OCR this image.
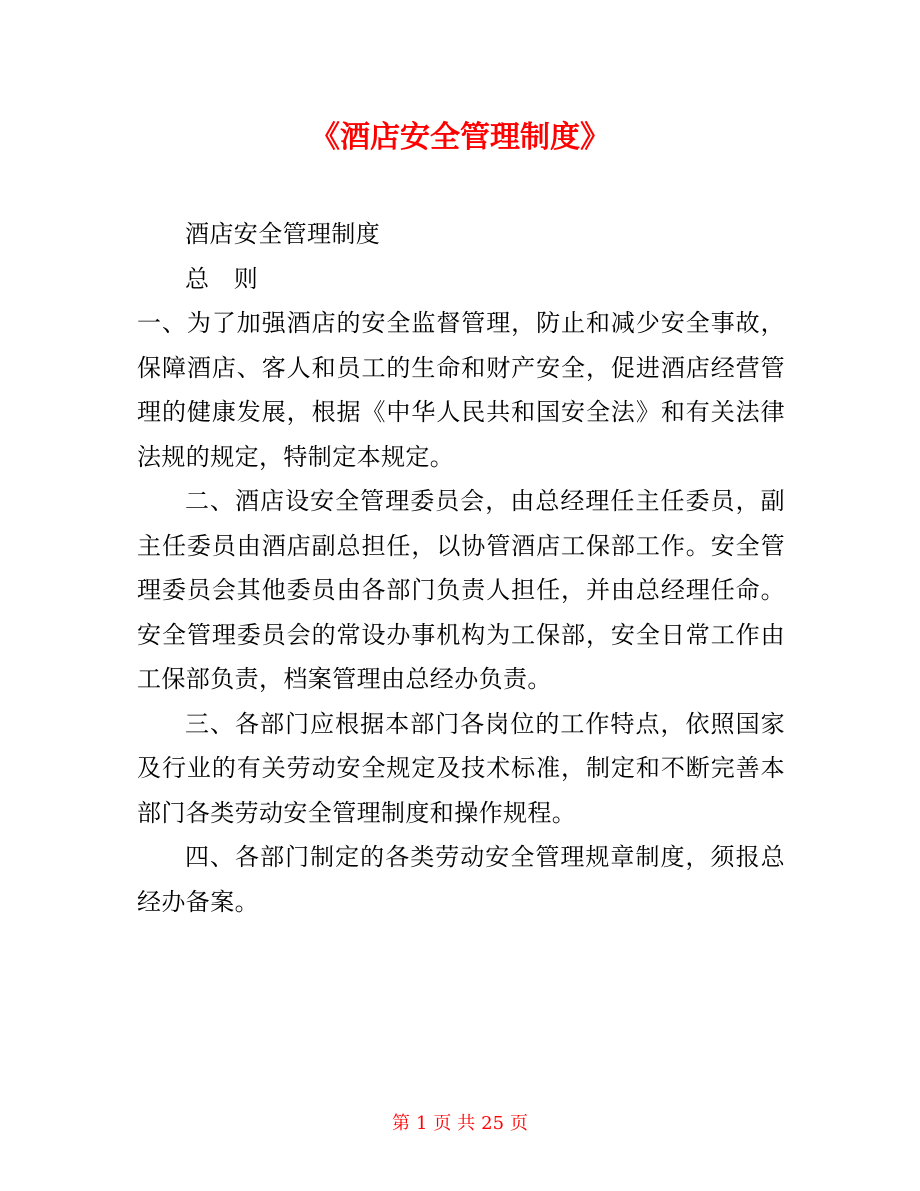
《酒店安全管理制度》

酒店安全管理制度

总　则

一、为了加强酒店的安全监督管理，防止和减少安全事故，保障酒店、客人和员工的生命和财产安全，促进酒店经营管理的健康发展，根据《中华人民共和国安全法》和有关法律法规的规定，特制定本规定。

二、酒店设安全管理委员会，由总经理任主任委员，副主任委员由酒店副总担任，以协管酒店工保部工作。安全管理委员会其他委员由各部门负责人担任，并由总经理任命。安全管理委员会的常设办事机构为工保部，安全日常工作由工保部负责，档案管理由总经办负责。

三、各部门应根据本部门各岗位的工作特点，依照国家及行业的有关劳动安全规定及技术标准，制定和不断完善本部门各类劳动安全管理制度和操作规程。

四、各部门制定的各类劳动安全管理规章制度，须报总经办备案。

第 1 页 共 25 页
